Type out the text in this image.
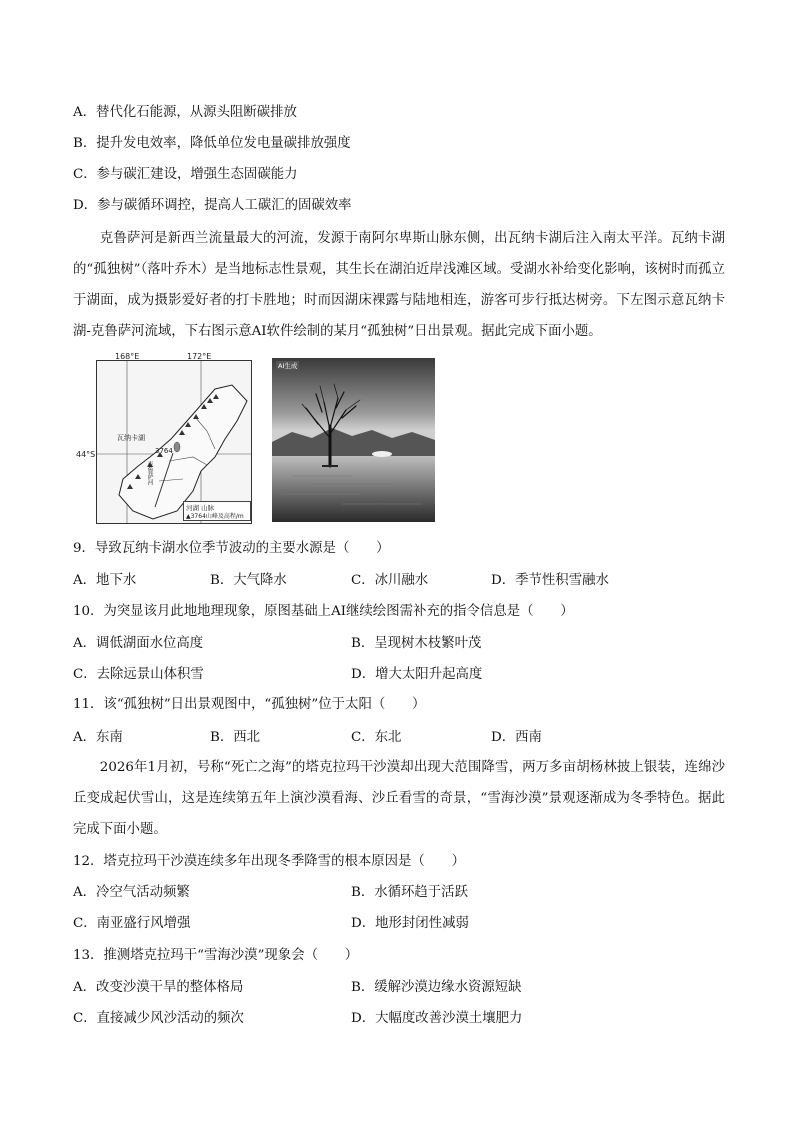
A．替代化石能源，从源头阻断碳排放
B．提升发电效率，降低单位发电量碳排放强度
C．参与碳汇建设，增强生态固碳能力
D．参与碳循环调控，提高人工碳汇的固碳效率
克鲁萨河是新西兰流量最大的河流，发源于南阿尔卑斯山脉东侧，出瓦纳卡湖后注入南太平洋。瓦纳卡湖的“孤独树”（落叶乔木）是当地标志性景观，其生长在湖泊近岸浅滩区域。受湖水补给变化影响，该树时而孤立于湖面，成为摄影爱好者的打卡胜地；时而因湖床裸露与陆地相连，游客可步行抵达树旁。下左图示意瓦纳卡湖-克鲁萨河流域，下右图示意AI软件绘制的某月“孤独树”日出景观。据此完成下面小题。
168°E	172°E
44°S
瓦纳卡湖
3764
克鲁萨河
河湖 山脉
▲3764山峰及高程/m
AI生成
9．导致瓦纳卡湖水位季节波动的主要水源是（　　）
A．地下水	B．大气降水	C．冰川融水	D．季节性积雪融水
10．为突显该月此地地理现象，原图基础上AI继续绘图需补充的指令信息是（　　）
A．调低湖面水位高度	B．呈现树木枝繁叶茂
C．去除远景山体积雪	D．增大太阳升起高度
11．该“孤独树”日出景观图中，“孤独树”位于太阳（　　）
A．东南	B．西北	C．东北	D．西南
2026年1月初，号称“死亡之海”的塔克拉玛干沙漠却出现大范围降雪，两万多亩胡杨林披上银装，连绵沙丘变成起伏雪山，这是连续第五年上演沙漠看海、沙丘看雪的奇景，“雪海沙漠”景观逐渐成为冬季特色。据此完成下面小题。
12．塔克拉玛干沙漠连续多年出现冬季降雪的根本原因是（　　）
A．冷空气活动频繁	B．水循环趋于活跃
C．南亚盛行风增强	D．地形封闭性减弱
13．推测塔克拉玛干“雪海沙漠”现象会（　　）
A．改变沙漠干旱的整体格局	B．缓解沙漠边缘水资源短缺
C．直接减少风沙活动的频次	D．大幅度改善沙漠土壤肥力
